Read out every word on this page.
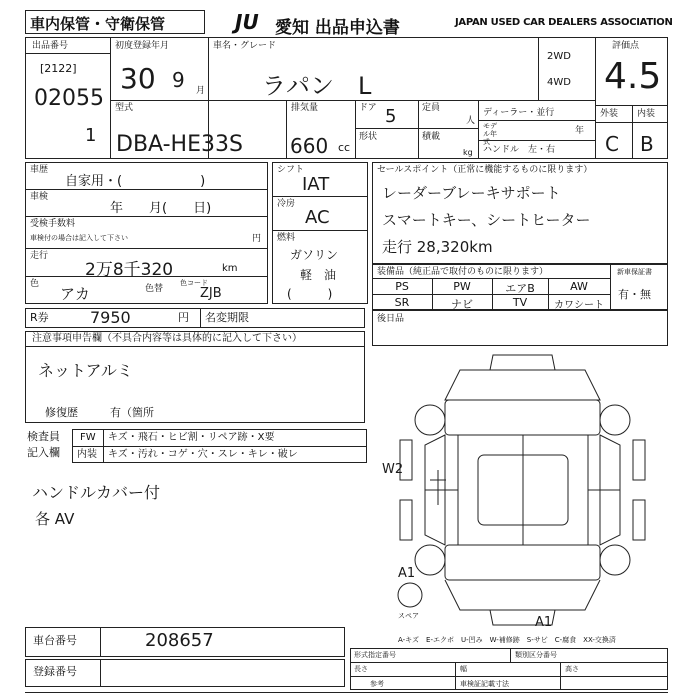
車内保管・守衛保管	JU 愛知 出品申込書	JAPAN USED CAR DEALERS ASSOCIATION
出品番号
[2122]
02055
1
初度登録年月
30 9 月
車名・グレード
ラパン　L
2WD
4WD
評価点
4.5
型式
DBA-HE33S
排気量
660 cc
ドア 5
形状
定員
人
積載
kg
ディーラー・並行
モデル年式
年
ハンドル　左・右
外装 内装
C B
車歴
自家用・(　　　　　　)
車検
年　　月(　　日)
受検手数料
車検付の場合は記入して下さい	円
走行
2万8千320	km
色
アカ	色替
色コード
ZJB
R券	7950	円 名変期限
シフト
IAT
冷房
AC
燃料
ガソリン
軽　油
(　　　)
セールスポイント（正常に機能するものに限ります）
レーダーブレーキサポート
スマートキー、シートヒーター
走行 28,320km
装備品（純正品で取付のものに限ります）
PS	PW	エアB	AW
SR	ナビ	TV	カワシート
新車保証書
有・無
後日品
注意事項申告欄（不具合内容等は具体的に記入して下さい）
ネットアルミ
修復歴	有（箇所
検査員
記入欄
FW キズ・飛石・ヒビ割・リペア跡・X要
内装 キズ・汚れ・コゲ・穴・スレ・キレ・破レ
ハンドルカバー付
各 AV
W2
A1
A1
スペア
A-キズ　E-エクボ　U-凹み　W-補修跡　S-サビ　C-腐食　XX-交換済
車台番号	208657
登録番号
形式指定番号	類別区分番号
長さ	幅	高さ
参考	車検証記載寸法
